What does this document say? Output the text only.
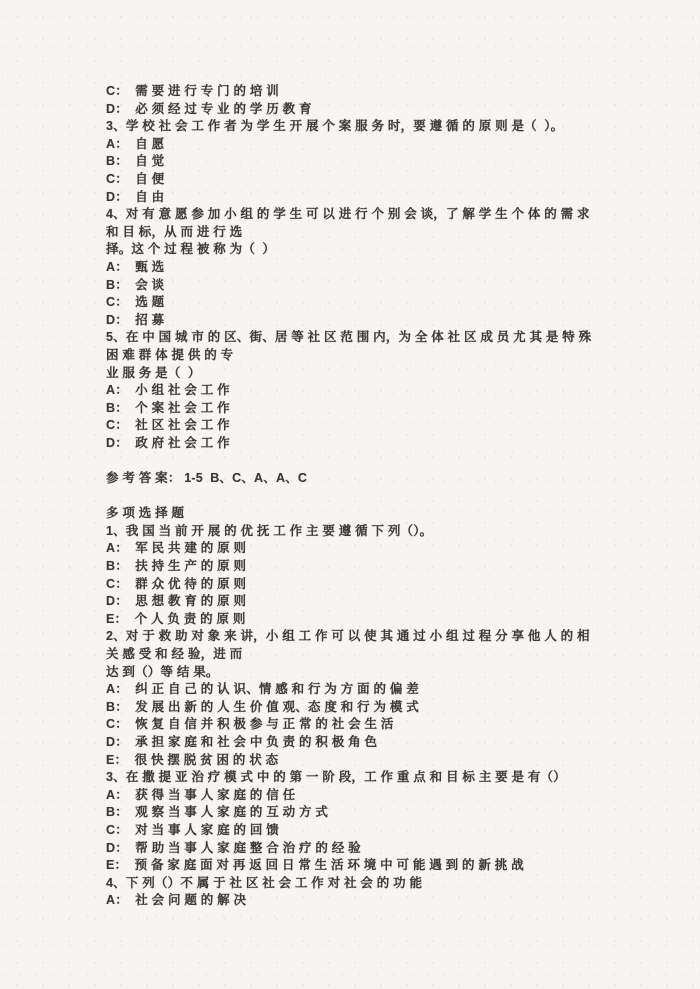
C：  需 要 进 行 专 门 的 培 训
D：  必 须 经 过 专 业 的 学 历 教 育
3、学 校 社 会 工 作 者 为 学 生 开 展 个 案 服 务 时，要 遵 循 的 原 则 是（  ）。
A：  自 愿
B：  自 觉
C：  自 便
D：  自 由
4、对 有 意 愿 参 加 小 组 的 学 生 可 以 进 行 个 别 会 谈，了 解 学 生 个 体 的 需 求 和 目 标，从 而 进 行 选
择。这 个 过 程 被 称 为（  ）
A：  甄 选
B：  会 谈
C：  选 题
D：  招 募
5、在 中 国 城 市 的 区、街、居 等 社 区 范 围 内，为 全 体 社 区 成 员 尤 其 是 特 殊 困 难 群 体 提 供 的 专
业 服 务 是（  ）
A：  小 组 社 会 工 作
B：  个 案 社 会 工 作
C：  社 区 社 会 工 作
D：  政 府 社 会 工 作

参 考 答 案： 1-5  B、C、A、A、C

多 项 选 择 题
1、我 国 当 前 开 展 的 优 抚 工 作 主 要 遵 循 下 列（）。
A：  军 民 共 建 的 原 则
B：  扶 持 生 产 的 原 则
C：  群 众 优 待 的 原 则
D：  思 想 教 育 的 原 则
E：  个 人 负 责 的 原 则
2、对 于 救 助 对 象 来 讲，小 组 工 作 可 以 使 其 通 过 小 组 过 程 分 享 他 人 的 相 关 感 受 和 经 验，进 而
达 到（）等 结 果。
A：  纠 正 自 己 的 认 识、情 感 和 行 为 方 面 的 偏 差
B：  发 展 出 新 的 人 生 价 值 观、态 度 和 行 为 模 式
C：  恢 复 自 信 并 积 极 参 与 正 常 的 社 会 生 活
D：  承 担 家 庭 和 社 会 中 负 责 的 积 极 角 色
E：  很 快 摆 脱 贫 困 的 状 态
3、在 撒 提 亚 治 疗 模 式 中 的 第 一 阶 段，工 作 重 点 和 目 标 主 要 是 有（）
A：  获 得 当 事 人 家 庭 的 信 任
B：  观 察 当 事 人 家 庭 的 互 动 方 式
C：  对 当 事 人 家 庭 的 回 馈
D：  帮 助 当 事 人 家 庭 整 合 治 疗 的 经 验
E：  预 备 家 庭 面 对 再 返 回 日 常 生 活 环 境 中 可 能 遇 到 的 新 挑 战
4、下 列（）不 属 于 社 区 社 会 工 作 对 社 会 的 功 能
A：  社 会 问 题 的 解 决
